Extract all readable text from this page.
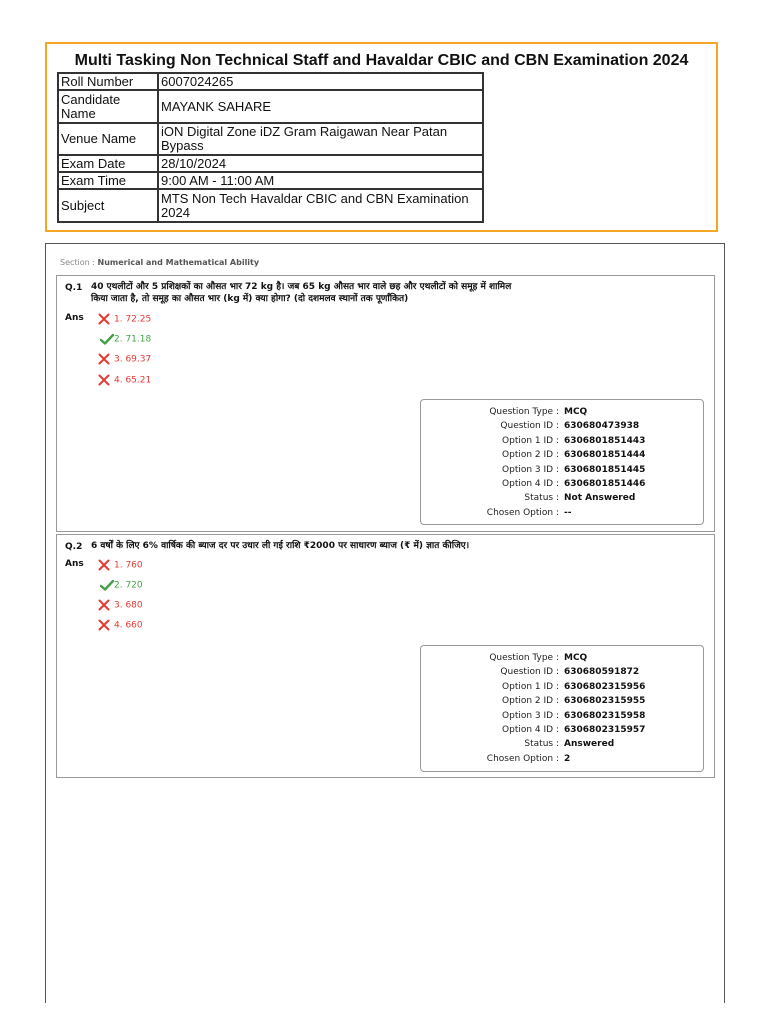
Multi Tasking Non Technical Staff and Havaldar CBIC and CBN Examination 2024
Roll Number	6007024265
Candidate Name	MAYANK SAHARE
Venue Name	iON Digital Zone iDZ Gram Raigawan Near Patan Bypass
Exam Date	28/10/2024
Exam Time	9:00 AM - 11:00 AM
Subject	MTS Non Tech Havaldar CBIC and CBN Examination 2024
Section : Numerical and Mathematical Ability
Q.1 40 एथलीटों और 5 प्रशिक्षकों का औसत भार 72 kg है। जब 65 kg औसत भार वाले छह और एथलीटों को समूह में शामिल किया जाता है, तो समूह का औसत भार (kg में) क्या होगा? (दो दशमलव स्थानों तक पूर्णांकित)
Ans	1. 72.25
2. 71.18
3. 69.37
4. 65.21
Question Type : MCQ
Question ID : 630680473938
Option 1 ID : 6306801851443
Option 2 ID : 6306801851444
Option 3 ID : 6306801851445
Option 4 ID : 6306801851446
Status : Not Answered
Chosen Option : --
Q.2 6 वर्षों के लिए 6% वार्षिक की ब्याज दर पर उधार ली गई राशि ₹2000 पर साधारण ब्याज (₹ में) ज्ञात कीजिए।
Ans	1. 760
2. 720
3. 680
4. 660
Question Type : MCQ
Question ID : 630680591872
Option 1 ID : 6306802315956
Option 2 ID : 6306802315955
Option 3 ID : 6306802315958
Option 4 ID : 6306802315957
Status : Answered
Chosen Option : 2
